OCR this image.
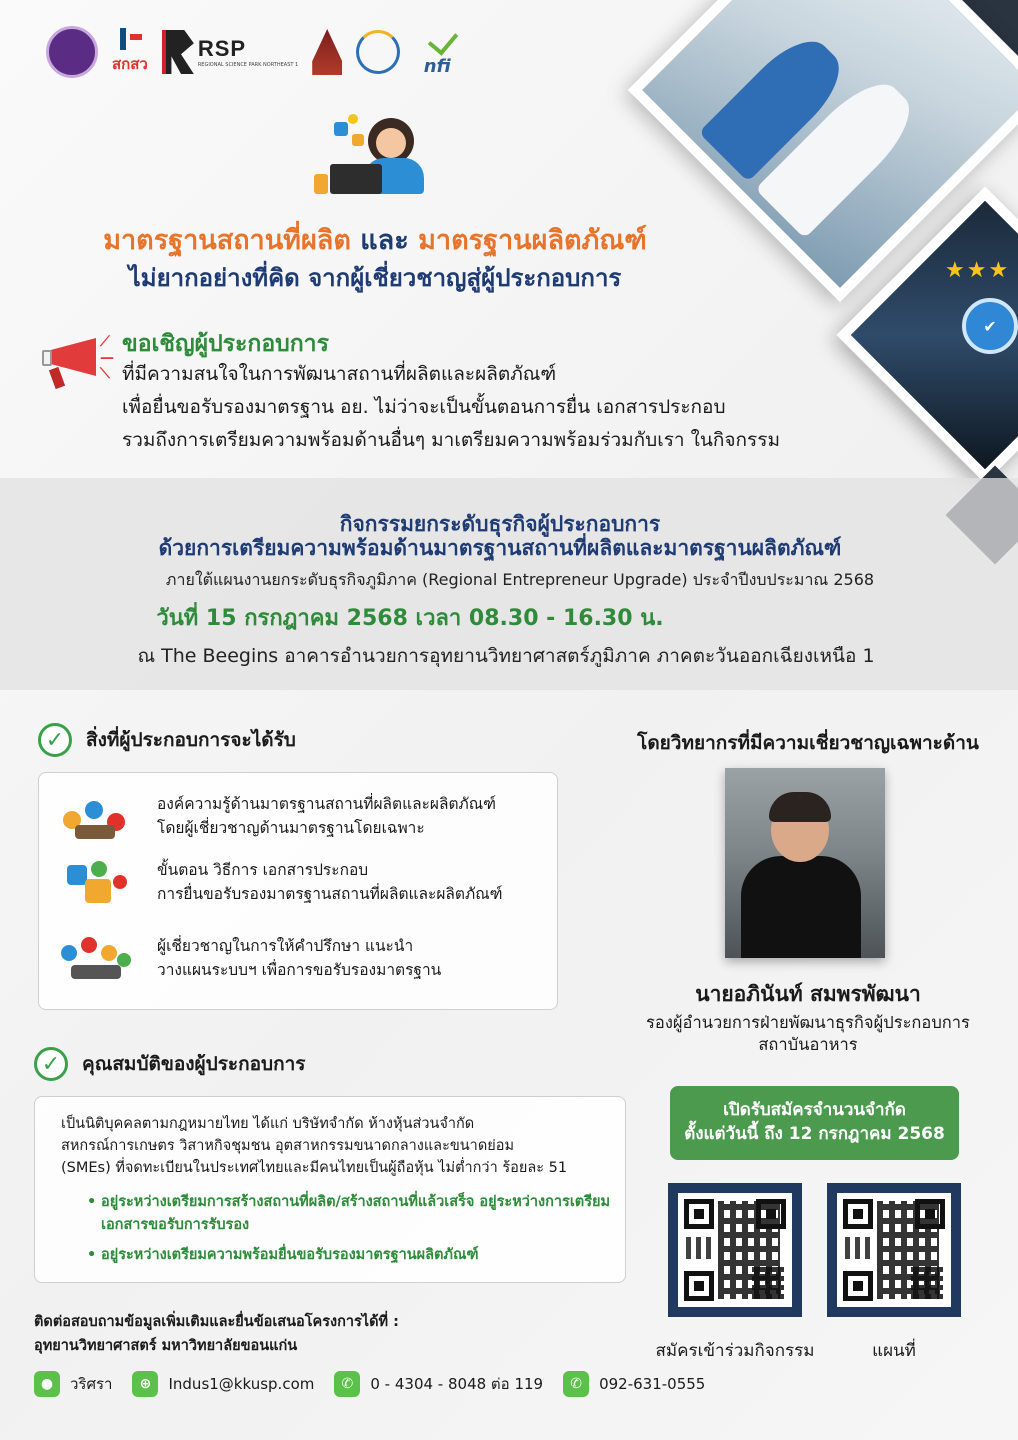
★★★
✔
สกสว
RSP
REGIONAL SCIENCE PARK NORTHEAST 1	nfi
มาตรฐานสถานที่ผลิต และ มาตรฐานผลิตภัณฑ์
ไม่ยากอย่างที่คิด จากผู้เชี่ยวชาญสู่ผู้ประกอบการ
⟋
—
⟍
ขอเชิญผู้ประกอบการ
ที่มีความสนใจในการพัฒนาสถานที่ผลิตและผลิตภัณฑ์
เพื่อยื่นขอรับรองมาตรฐาน อย. ไม่ว่าจะเป็นขั้นตอนการยื่น เอกสารประกอบ
รวมถึงการเตรียมความพร้อมด้านอื่นๆ มาเตรียมความพร้อมร่วมกับเรา ในกิจกรรม
กิจกรรมยกระดับธุรกิจผู้ประกอบการ
ด้วยการเตรียมความพร้อมด้านมาตรฐานสถานที่ผลิตและมาตรฐานผลิตภัณฑ์
ภายใต้แผนงานยกระดับธุรกิจภูมิภาค (Regional Entrepreneur Upgrade) ประจำปีงบประมาณ 2568
วันที่ 15 กรกฎาคม 2568 เวลา 08.30 - 16.30 น.
ณ The Beegins อาคารอำนวยการอุทยานวิทยาศาสตร์ภูมิภาค ภาคตะวันออกเฉียงเหนือ 1
✓	สิ่งที่ผู้ประกอบการจะได้รับ
องค์ความรู้ด้านมาตรฐานสถานที่ผลิตและผลิตภัณฑ์
โดยผู้เชี่ยวชาญด้านมาตรฐานโดยเฉพาะ
ขั้นตอน วิธีการ เอกสารประกอบ
การยื่นขอรับรองมาตรฐานสถานที่ผลิตและผลิตภัณฑ์
ผู้เชี่ยวชาญในการให้คำปรึกษา แนะนำ
วางแผนระบบฯ เพื่อการขอรับรองมาตรฐาน
✓	คุณสมบัติของผู้ประกอบการ
เป็นนิติบุคคลตามกฎหมายไทย ได้แก่ บริษัทจำกัด ห้างหุ้นส่วนจำกัด
สหกรณ์การเกษตร วิสาหกิจชุมชน อุตสาหกรรมขนาดกลางและขนาดย่อม
(SMEs) ที่จดทะเบียนในประเทศไทยและมีคนไทยเป็นผู้ถือหุ้น ไม่ต่ำกว่า ร้อยละ 51
• อยู่ระหว่างเตรียมการสร้างสถานที่ผลิต/สร้างสถานที่แล้วเสร็จ อยู่ระหว่างการเตรียมเอกสารขอรับการรับรอง
• อยู่ระหว่างเตรียมความพร้อมยื่นขอรับรองมาตรฐานผลิตภัณฑ์
โดยวิทยากรที่มีความเชี่ยวชาญเฉพาะด้าน
นายอภินันท์ สมพรพัฒนา
รองผู้อำนวยการฝ่ายพัฒนาธุรกิจผู้ประกอบการ
สถาบันอาหาร
เปิดรับสมัครจำนวนจำกัด
ตั้งแต่วันนี้ ถึง 12 กรกฎาคม 2568
สมัครเข้าร่วมกิจกรรม	แผนที่
ติดต่อสอบถามข้อมูลเพิ่มเติมและยื่นข้อเสนอโครงการได้ที่ :
อุทยานวิทยาศาสตร์ มหาวิทยาลัยขอนแก่น
●	วริศรา	⊕	Indus1@kkusp.com	✆	0 - 4304 - 8048 ต่อ 119	✆	092-631-0555
